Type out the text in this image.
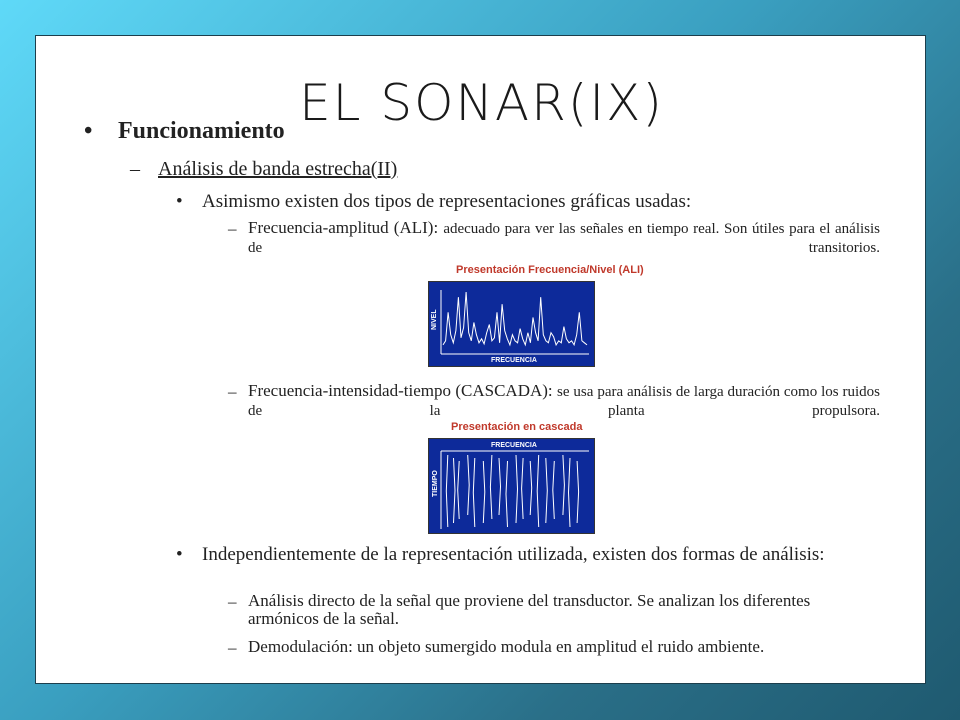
EL SONAR(IX)
• Funcionamiento
– Análisis de banda estrecha(II)
• Asimismo existen dos tipos de representaciones gráficas usadas:
– Frecuencia-amplitud (ALI): adecuado para ver las señales en tiempo real. Son útiles para el análisis de transitorios.
Presentación Frecuencia/Nivel (ALI)
NIVEL
FRECUENCIA
– Frecuencia-intensidad-tiempo (CASCADA): se usa para análisis de larga duración como los ruidos de la planta propulsora.
Presentación en cascada
FRECUENCIA
TIEMPO
• Independientemente de la representación utilizada, existen dos formas de análisis:
– Análisis directo de la señal que proviene del transductor. Se analizan los diferentes armónicos de la señal.
– Demodulación: un objeto sumergido modula en amplitud el ruido ambiente.
